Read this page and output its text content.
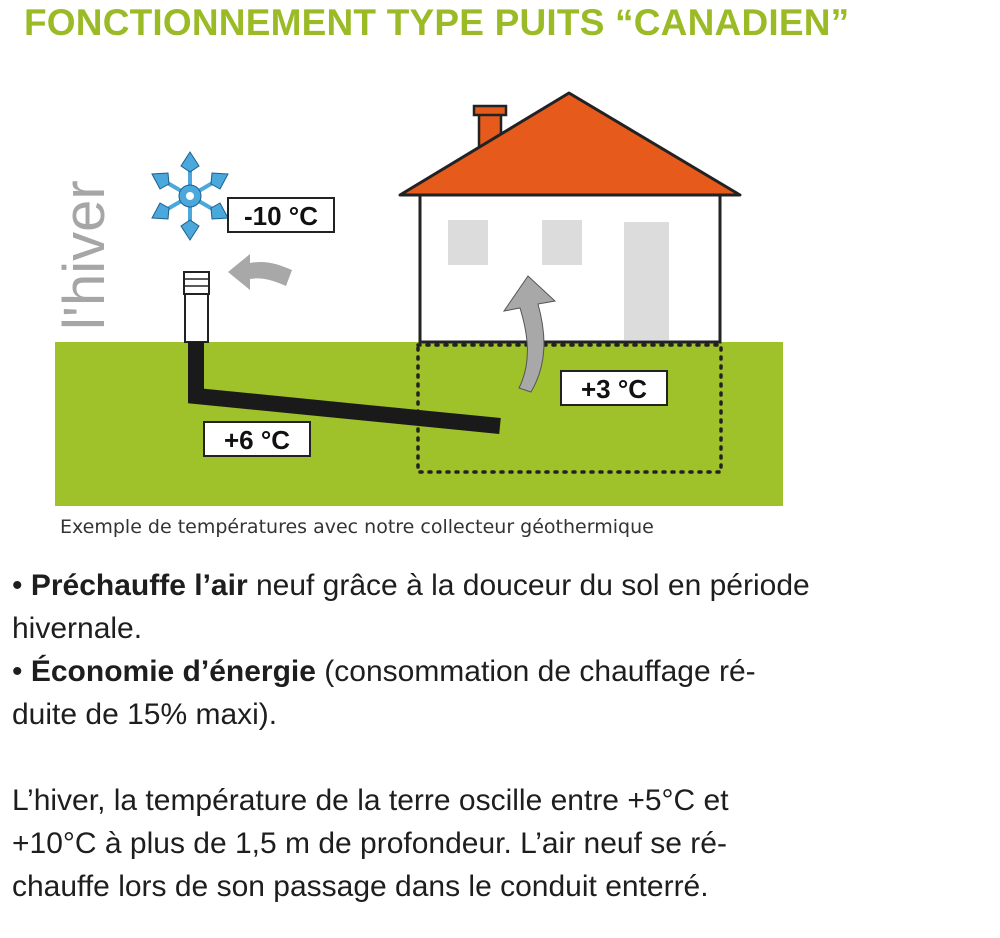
FONCTIONNEMENT TYPE PUITS “CANADIEN”
l'hiver	-10 °C
+6 °C
+3 °C
Exemple de températures avec notre collecteur géothermique

• Préchauffe l’air neuf grâce à la douceur du sol en période

hivernale.

• Économie d’énergie (consommation de chauffage ré-

duite de 15% maxi).

L’hiver, la température de la terre oscille entre +5°C et

+10°C à plus de 1,5 m de profondeur. L’air neuf se ré-

chauffe lors de son passage dans le conduit enterré.
